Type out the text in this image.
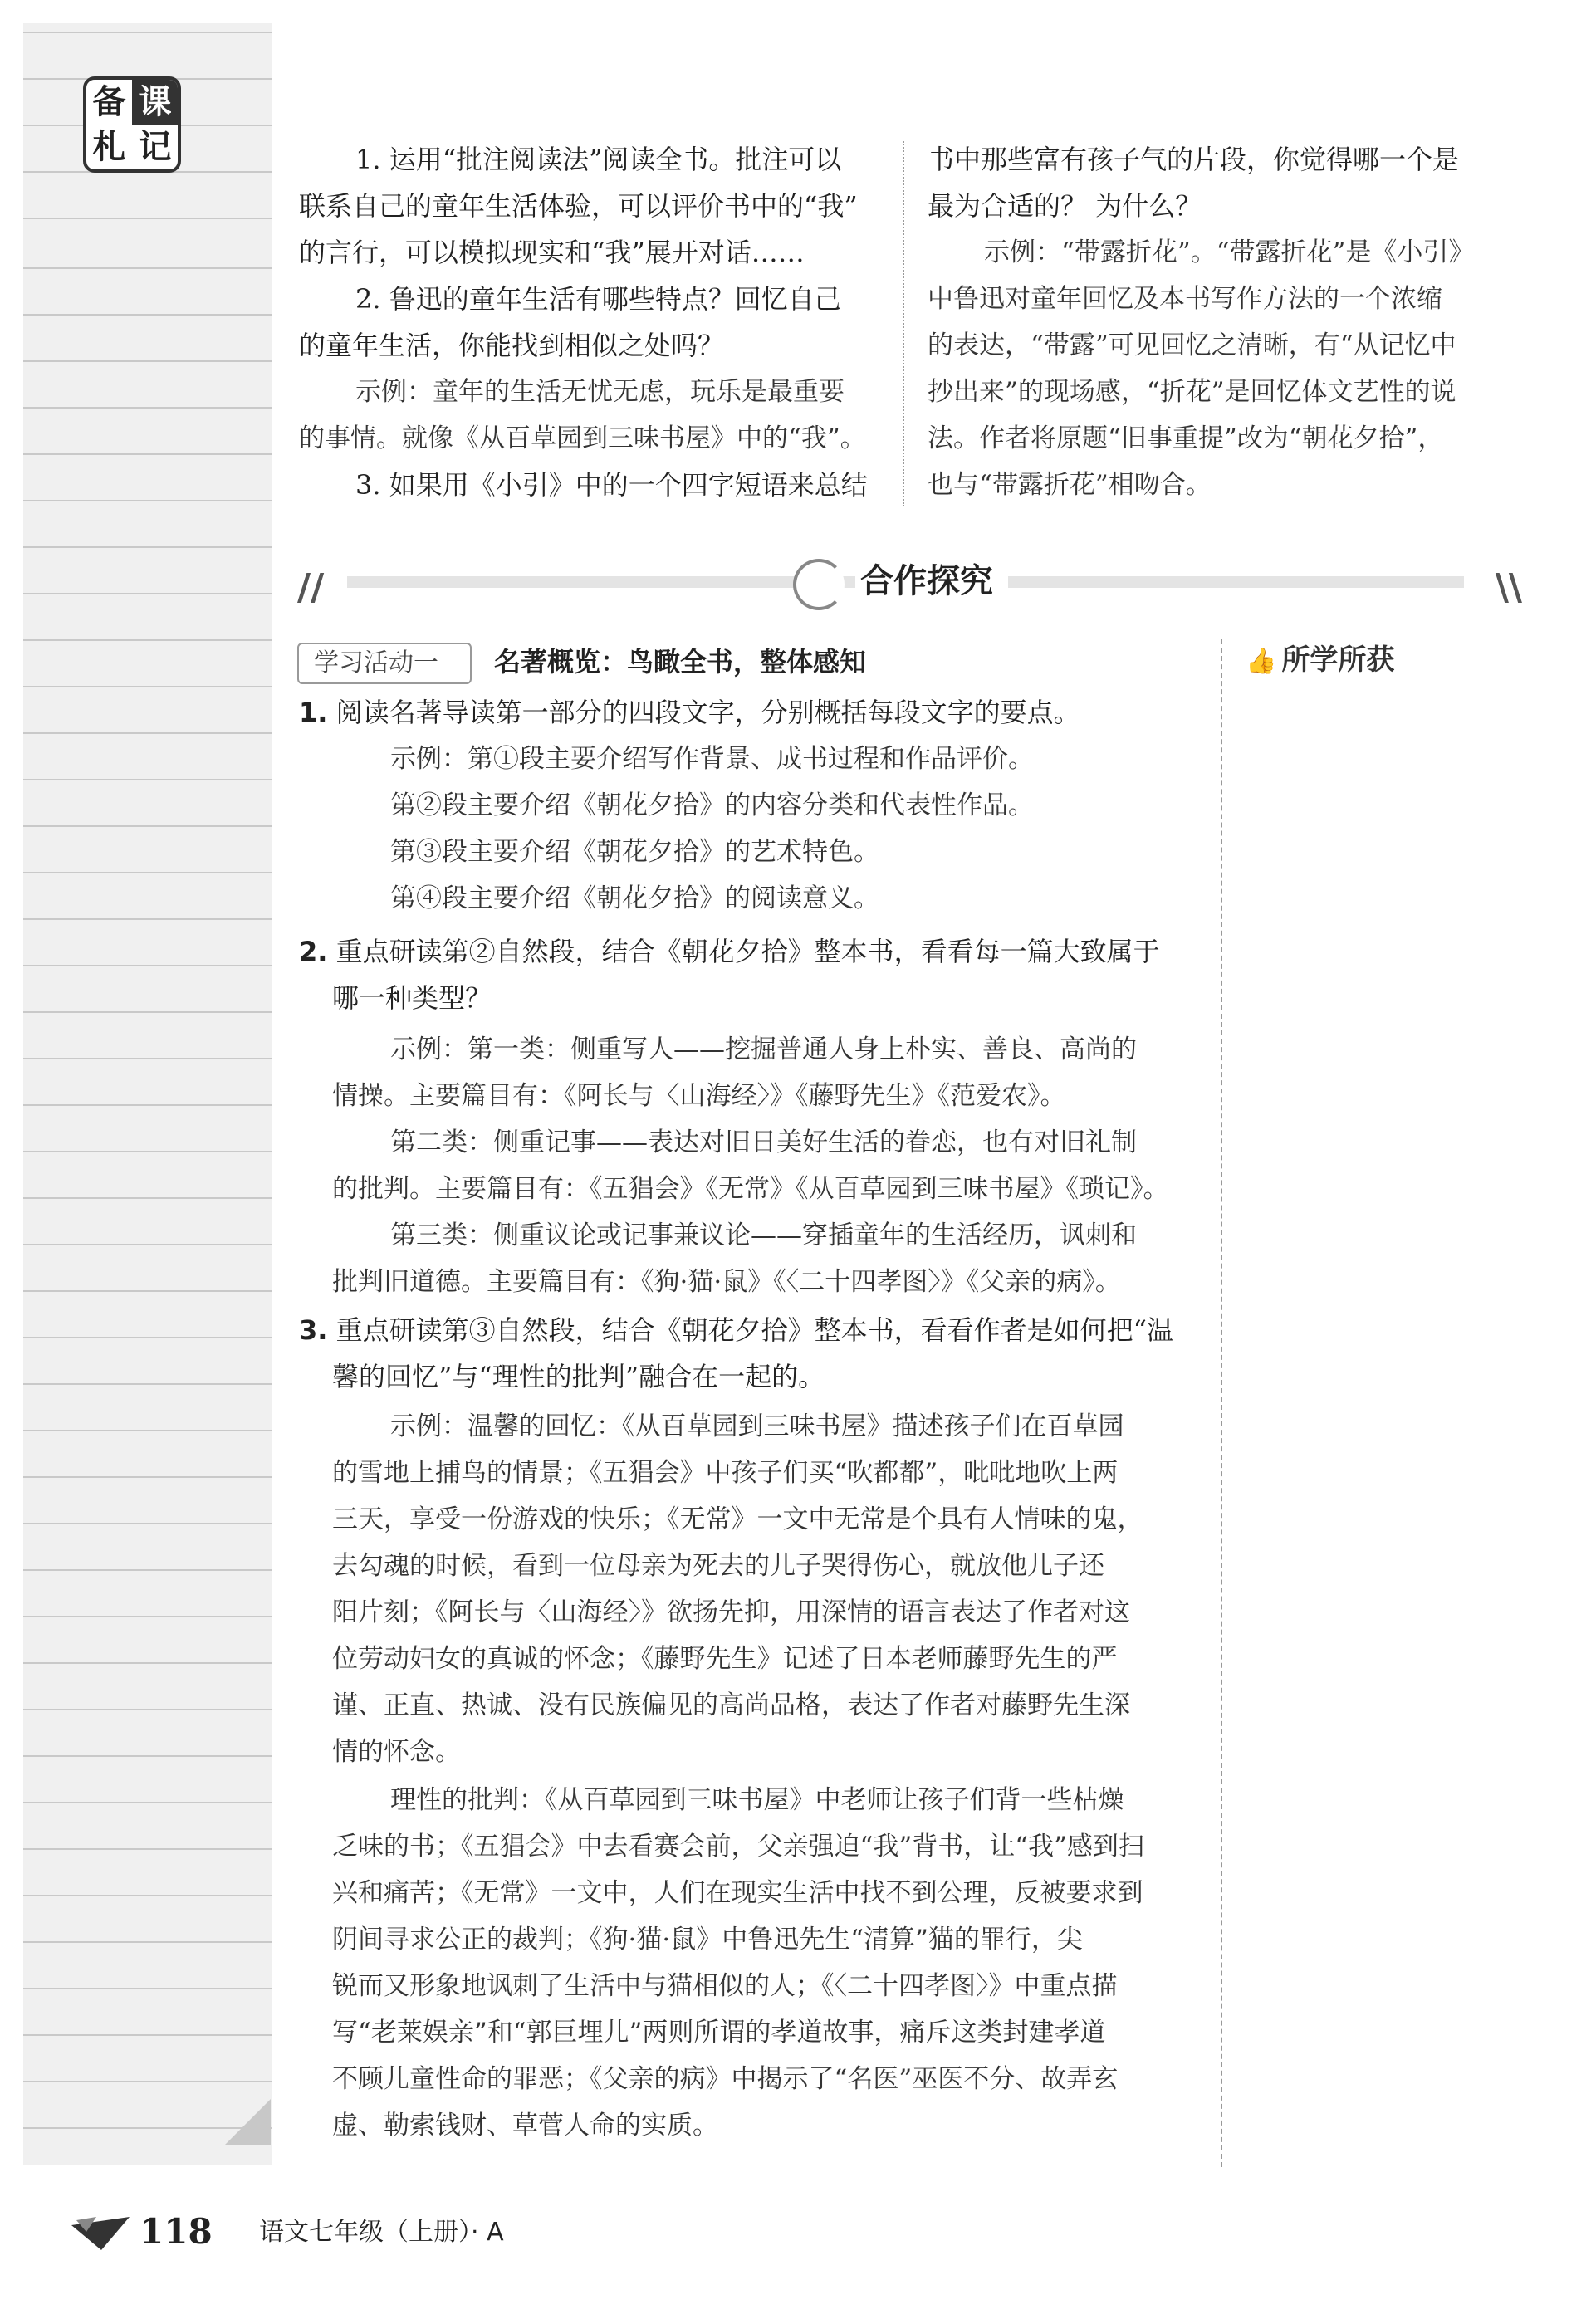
备 课
札 记	1. 运用“批注阅读法”阅读全书。批注可以
联系自己的童年生活体验，可以评价书中的“我”
的言行，可以模拟现实和“我”展开对话……
2. 鲁迅的童年生活有哪些特点？回忆自己
的童年生活，你能找到相似之处吗？
示例：童年的生活无忧无虑，玩乐是最重要
的事情。就像《从百草园到三味书屋》中的“我”。
3. 如果用《小引》中的一个四字短语来总结
书中那些富有孩子气的片段，你觉得哪一个是
最为合适的？ 为什么？
示例：“带露折花”。“带露折花”是《小引》
中鲁迅对童年回忆及本书写作方法的一个浓缩
的表达，“带露”可见回忆之清晰，有“从记忆中
抄出来”的现场感，“折花”是回忆体文艺性的说
法。作者将原题“旧事重提”改为“朝花夕拾”，
也与“带露折花”相吻合。
//	\\
合作探究
学习活动一	名著概览：鸟瞰全书，整体感知	👍 所学所获
1. 阅读名著导读第一部分的四段文字，分别概括每段文字的要点。
示例：第①段主要介绍写作背景、成书过程和作品评价。
第②段主要介绍《朝花夕拾》的内容分类和代表性作品。
第③段主要介绍《朝花夕拾》的艺术特色。
第④段主要介绍《朝花夕拾》的阅读意义。
2. 重点研读第②自然段，结合《朝花夕拾》整本书，看看每一篇大致属于
哪一种类型？
示例：第一类：侧重写人——挖掘普通人身上朴实、善良、高尚的
情操。主要篇目有：《阿长与〈山海经〉》《藤野先生》《范爱农》。
第二类：侧重记事——表达对旧日美好生活的眷恋，也有对旧礼制
的批判。主要篇目有：《五猖会》《无常》《从百草园到三味书屋》《琐记》。
第三类：侧重议论或记事兼议论——穿插童年的生活经历，讽刺和
批判旧道德。主要篇目有：《狗·猫·鼠》《〈二十四孝图〉》《父亲的病》。
3. 重点研读第③自然段，结合《朝花夕拾》整本书，看看作者是如何把“温
馨的回忆”与“理性的批判”融合在一起的。
示例：温馨的回忆：《从百草园到三味书屋》描述孩子们在百草园
的雪地上捕鸟的情景；《五猖会》中孩子们买“吹都都”，吡吡地吹上两
三天，享受一份游戏的快乐；《无常》一文中无常是个具有人情味的鬼，
去勾魂的时候，看到一位母亲为死去的儿子哭得伤心，就放他儿子还
阳片刻；《阿长与〈山海经〉》欲扬先抑，用深情的语言表达了作者对这
位劳动妇女的真诚的怀念；《藤野先生》记述了日本老师藤野先生的严
谨、正直、热诚、没有民族偏见的高尚品格，表达了作者对藤野先生深
情的怀念。
理性的批判：《从百草园到三味书屋》中老师让孩子们背一些枯燥
乏味的书；《五猖会》中去看赛会前，父亲强迫“我”背书，让“我”感到扫
兴和痛苦；《无常》一文中，人们在现实生活中找不到公理，反被要求到
阴间寻求公正的裁判；《狗·猫·鼠》中鲁迅先生“清算”猫的罪行，尖
锐而又形象地讽刺了生活中与猫相似的人；《〈二十四孝图〉》中重点描
写“老莱娱亲”和“郭巨埋儿”两则所谓的孝道故事，痛斥这类封建孝道
不顾儿童性命的罪恶；《父亲的病》中揭示了“名医”巫医不分、故弄玄
虚、勒索钱财、草菅人命的实质。
118 语文七年级（上册）· A
